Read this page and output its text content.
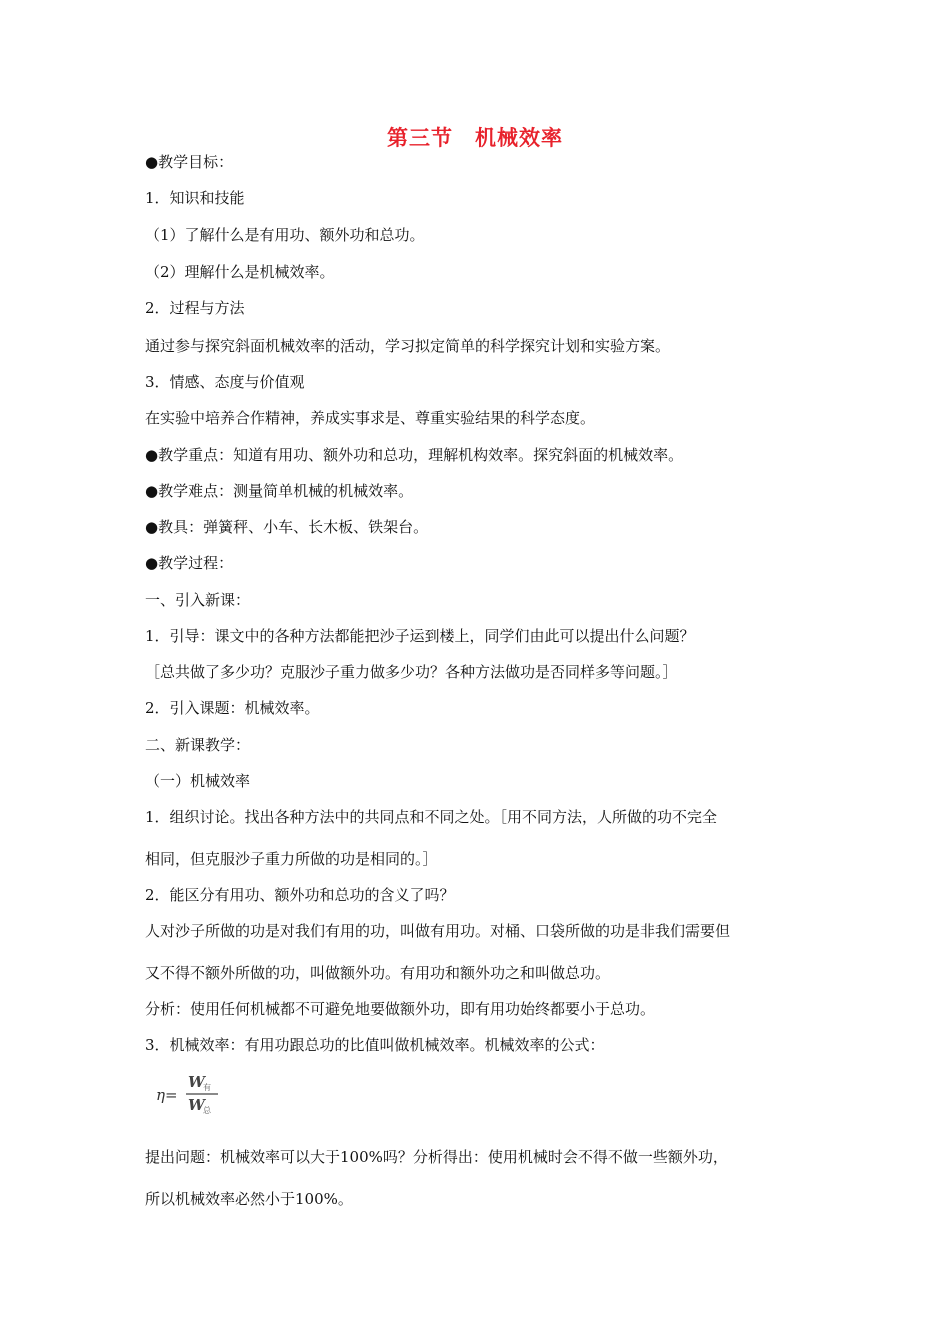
第三节　机械效率
●教学目标：
1．知识和技能
（1）了解什么是有用功、额外功和总功。
（2）理解什么是机械效率。
2．过程与方法
通过参与探究斜面机械效率的活动，学习拟定简单的科学探究计划和实验方案。
3．情感、态度与价值观
在实验中培养合作精神，养成实事求是、尊重实验结果的科学态度。
●教学重点：知道有用功、额外功和总功，理解机构效率。探究斜面的机械效率。
●教学难点：测量简单机械的机械效率。
●教具：弹簧秤、小车、长木板、铁架台。
●教学过程：
一、引入新课：
1．引导：课文中的各种方法都能把沙子运到楼上，同学们由此可以提出什么问题？
［总共做了多少功？克服沙子重力做多少功？各种方法做功是否同样多等问题。］
2．引入课题：机械效率。
二、新课教学：
（一）机械效率
1．组织讨论。找出各种方法中的共同点和不同之处。［用不同方法，人所做的功不完全
相同，但克服沙子重力所做的功是相同的。］
2．能区分有用功、额外功和总功的含义了吗？
人对沙子所做的功是对我们有用的功，叫做有用功。对桶、口袋所做的功是非我们需要但
又不得不额外所做的功，叫做额外功。有用功和额外功之和叫做总功。
分析：使用任何机械都不可避免地要做额外功，即有用功始终都要小于总功。
3．机械效率：有用功跟总功的比值叫做机械效率。机械效率的公式：
η=
W
有
W
总
提出问题：机械效率可以大于100%吗？分析得出：使用机械时会不得不做一些额外功，
所以机械效率必然小于100%。
